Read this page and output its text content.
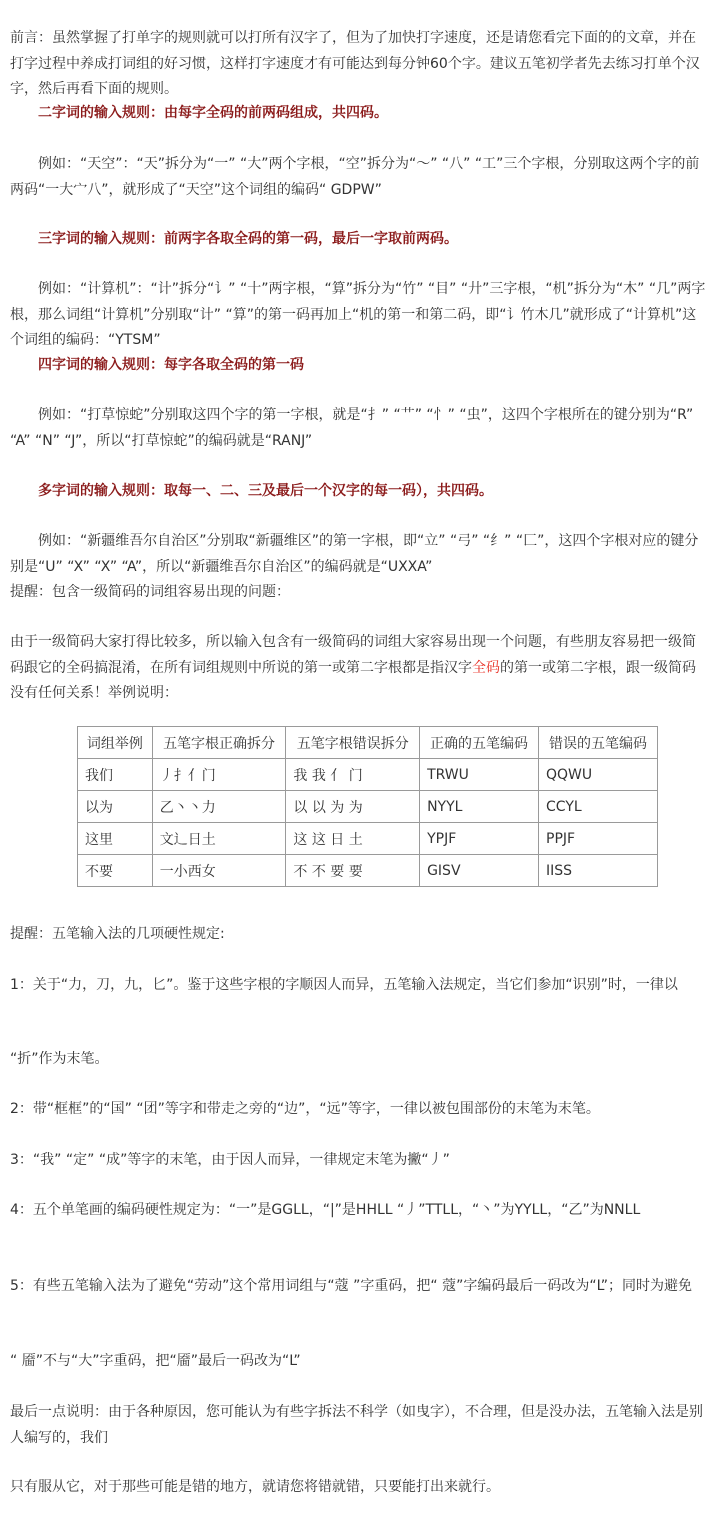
前言：虽然掌握了打单字的规则就可以打所有汉字了，但为了加快打字速度，还是请您看完下面的的文章，并在打字过程中养成打词组的好习惯，这样打字速度才有可能达到每分钟60个字。建议五笔初学者先去练习打单个汉字，然后再看下面的规则。

二字词的输入规则：由每字全码的前两码组成，共四码。

例如：“天空”：“天”拆分为“一” “大”两个字根，“空”拆分为“～” “八” “工”三个字根，分别取这两个字的前两码“一大宀八”，就形成了“天空”这个词组的编码“ GDPW”

三字词的输入规则：前两字各取全码的第一码，最后一字取前两码。

例如：“计算机”：“计”拆分“讠” “十”两字根，“算”拆分为“竹” “目” “廾”三字根，“机”拆分为“木” “几”两字根，那么词组“计算机”分别取“计” “算”的第一码再加上“机的第一和第二码，即“讠竹木几”就形成了“计算机”这个词组的编码：“YTSM”

四字词的输入规则：每字各取全码的第一码

例如：“打草惊蛇”分别取这四个字的第一字根，就是“扌” “艹” “忄” “虫”，这四个字根所在的键分别为“R” “A” “N” “J”，所以“打草惊蛇”的编码就是“RANJ”

多字词的输入规则：取每一、二、三及最后一个汉字的每一码），共四码。

例如：“新疆维吾尔自治区”分别取“新疆维区”的第一字根，即“立” “弓” “纟” “匚”，这四个字根对应的键分别是“U” “X” “X” “A”，所以“新疆维吾尔自治区”的编码就是“UXXA”

提醒：包含一级简码的词组容易出现的问题：

由于一级简码大家打得比较多，所以输入包含有一级简码的词组大家容易出现一个问题，有些朋友容易把一级简码跟它的全码搞混淆，在所有词组规则中所说的第一或第二字根都是指汉字全码的第一或第二字根，跟一级简码没有任何关系！举例说明：

词组举例	五笔字根正确拆分	五笔字根错误拆分	正确的五笔编码	错误的五笔编码
我们	丿扌亻门	我 我 亻 门	TRWU	QQWU
以为	乙丶丶力	以 以 为 为	NYYL	CCYL
这里	文辶日土	这 这 日 土	YPJF	PPJF
不要	一小西女	不 不 要 要	GISV	IISS

提醒：五笔输入法的几项硬性规定:

1：关于“力，刀，九，匕”。鉴于这些字根的字顺因人而异，五笔输入法规定，当它们参加“识别”时，一律以

“折”作为末笔。

2：带“框框”的“国” “团”等字和带走之旁的“边”，“远”等字，一律以被包围部份的末笔为末笔。

3：“我” “定” “成”等字的末笔，由于因人而异，一律规定末笔为撇“丿”

4：五个单笔画的编码硬性规定为：“一”是GGLL，“|”是HHLL “丿”TTLL，“丶”为YYLL，“乙”为NNLL

5：有些五笔输入法为了避免“劳动”这个常用词组与“蔻 ”字重码，把“ 蔻”字编码最后一码改为“L”；同时为避免

“ 靥”不与“大”字重码，把“靥”最后一码改为“L”

最后一点说明：由于各种原因，您可能认为有些字拆法不科学（如曳字），不合理，但是没办法，五笔输入法是别人编写的，我们

只有服从它，对于那些可能是错的地方，就请您将错就错，只要能打出来就行。
